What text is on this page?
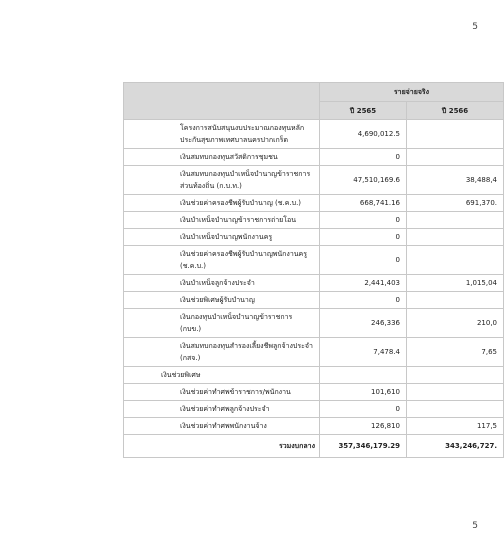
5
	รายจ่ายจริง	
	ปี 2565	ปี 2566
โครงการสนับสนุนงบประมาณกองทุนหลักประกันสุขภาพเทศบาลนครปากเกร็ด	4,690,012.5	
เงินสมทบกองทุนสวัสดิการชุมชน	0	
เงินสมทบกองทุนบำเหน็จบำนาญข้าราชการส่วนท้องถิ่น (ก.บ.ท.)	47,510,169.6	38,488,4
เงินช่วยค่าครองชีพผู้รับบำนาญ (ช.ค.บ.)	668,741.16	691,370.
เงินบำเหน็จบำนาญข้าราชการถ่ายโอน	0	
เงินบำเหน็จบำนาญพนักงานครู	0	
เงินช่วยค่าครองชีพผู้รับบำนาญพนักงานครู (ช.ค.บ.)	0	
เงินบำเหน็จลูกจ้างประจำ	2,441,403	1,015,04
เงินช่วยพิเศษผู้รับบำนาญ	0	
เงินกองทุนบำเหน็จบำนาญข้าราชการ (กบข.)	246,336	210,0
เงินสมทบกองทุนสำรองเลี้ยงชีพลูกจ้างประจำ (กสจ.)	7,478.4	7,65
เงินช่วยพิเศษ		
เงินช่วยค่าทำศพข้าราชการ/พนักงาน	101,610	
เงินช่วยค่าทำศพลูกจ้างประจำ	0	
เงินช่วยค่าทำศพพนักงานจ้าง	126,810	117,5
รวมงบกลาง	357,346,179.29	343,246,727.
5
